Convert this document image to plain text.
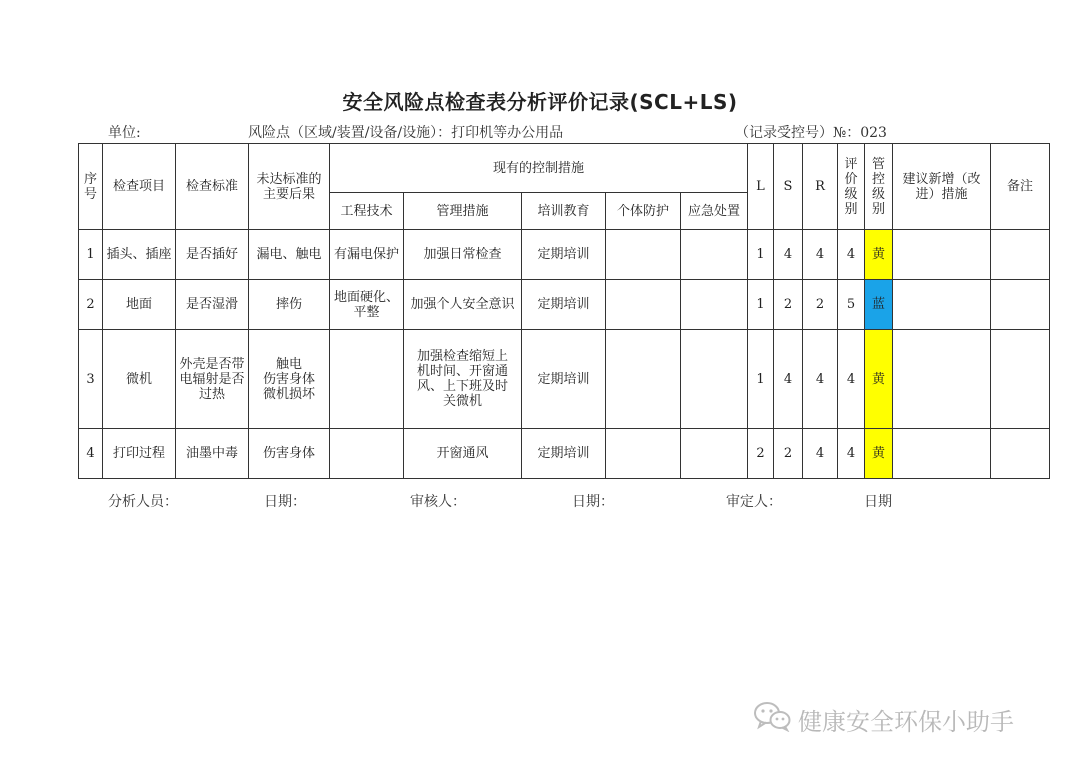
安全风险点检查表分析评价记录(SCL+LS)
单位:	风险点（区域/装置/设备/设施）：打印机等办公用品	（记录受控号）№：023
序号	检查项目	检查标准	未达标准的主要后果	现有的控制措施					L	S	R	评价级别	管控级别	建议新增（改进）措施	备注
				工程技术	管理措施	培训教育	个体防护	应急处置							
1	插头、插座	是否插好	漏电、触电	有漏电保护	加强日常检查	定期培训			1	4	4	4	黄		
2	地面	是否湿滑	摔伤	地面硬化、平整	加强个人安全意识	定期培训			1	2	2	5	蓝		
3	微机	外壳是否带电辐射是否过热	触电
伤害身体
微机损坏		加强检查缩短上机时间、开窗通风、上下班及时关微机	定期培训			1	4	4	4	黄		
4	打印过程	油墨中毒	伤害身体		开窗通风	定期培训			2	2	4	4	黄		
分析人员：	日期：	审核人：	日期：	审定人：	日期
健康安全环保小助手
